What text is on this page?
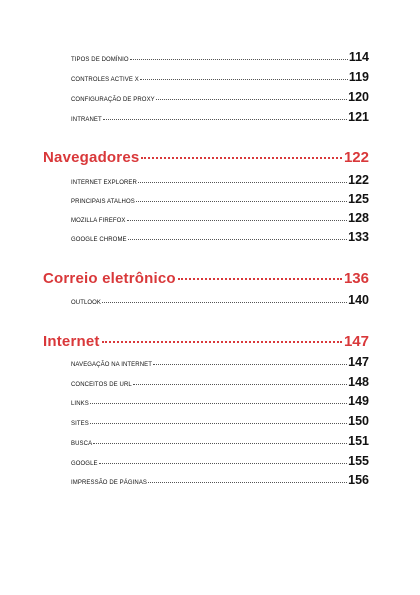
TIPOS DE DOMÍNIO	114
CONTROLES ACTIVE X	119
CONFIGURAÇÃO DE PROXY	120
INTRANET	121
Navegadores	122
INTERNET EXPLORER	122
PRINCIPAIS ATALHOS	125
MOZILLA FIREFOX	128
GOOGLE CHROME	133
Correio eletrônico	136
OUTLOOK	140
Internet	147
NAVEGAÇÃO NA INTERNET	147
CONCEITOS DE URL	148
LINKS	149
SITES	150
BUSCA	151
GOOGLE	155
IMPRESSÃO DE PÁGINAS	156
